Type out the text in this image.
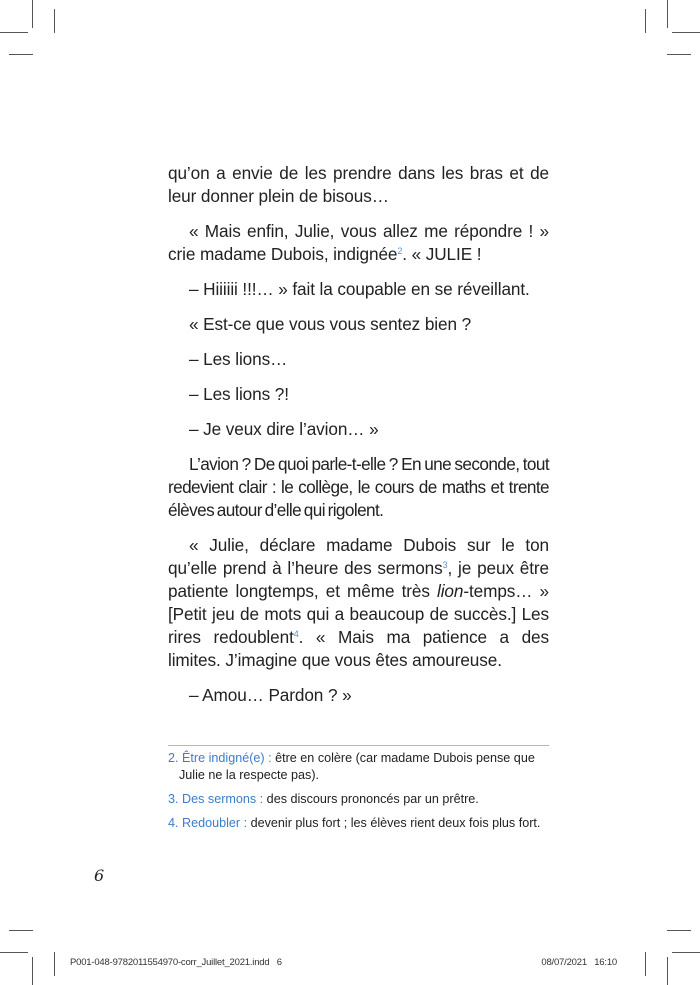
qu’on a envie de les prendre dans les bras et de leur donner plein de bisous…

« Mais enfin, Julie, vous allez me répondre ! » crie madame Dubois, indignée$^2$. « JULIE !

– Hiiiiii !!!… » fait la coupable en se réveillant.

« Est-ce que vous vous sentez bien ?

– Les lions…

– Les lions ?!

– Je veux dire l’avion… »

L’avion ? De quoi parle-t-elle ? En une seconde, tout redevient clair : le collège, le cours de maths et trente élèves autour d’elle qui rigolent.

« Julie, déclare madame Dubois sur le ton qu’elle prend à l’heure des sermons$^3$, je peux être patiente longtemps, et même très lion-temps… » [Petit jeu de mots qui a beaucoup de succès.] Les rires redoublent$^4$. « Mais ma patience a des limites. J’imagine que vous êtes amoureuse.

– Amou… Pardon ? »

2. Être indigné(e) : être en colère (car madame Dubois pense que Julie ne la respecte pas).

3. Des sermons : des discours prononcés par un prêtre.

4. Redoubler : devenir plus fort ; les élèves rient deux fois plus fort.

6
P001-048-9782011554970-corr_Juillet_2021.indd   6	08/07/2021   16:10
